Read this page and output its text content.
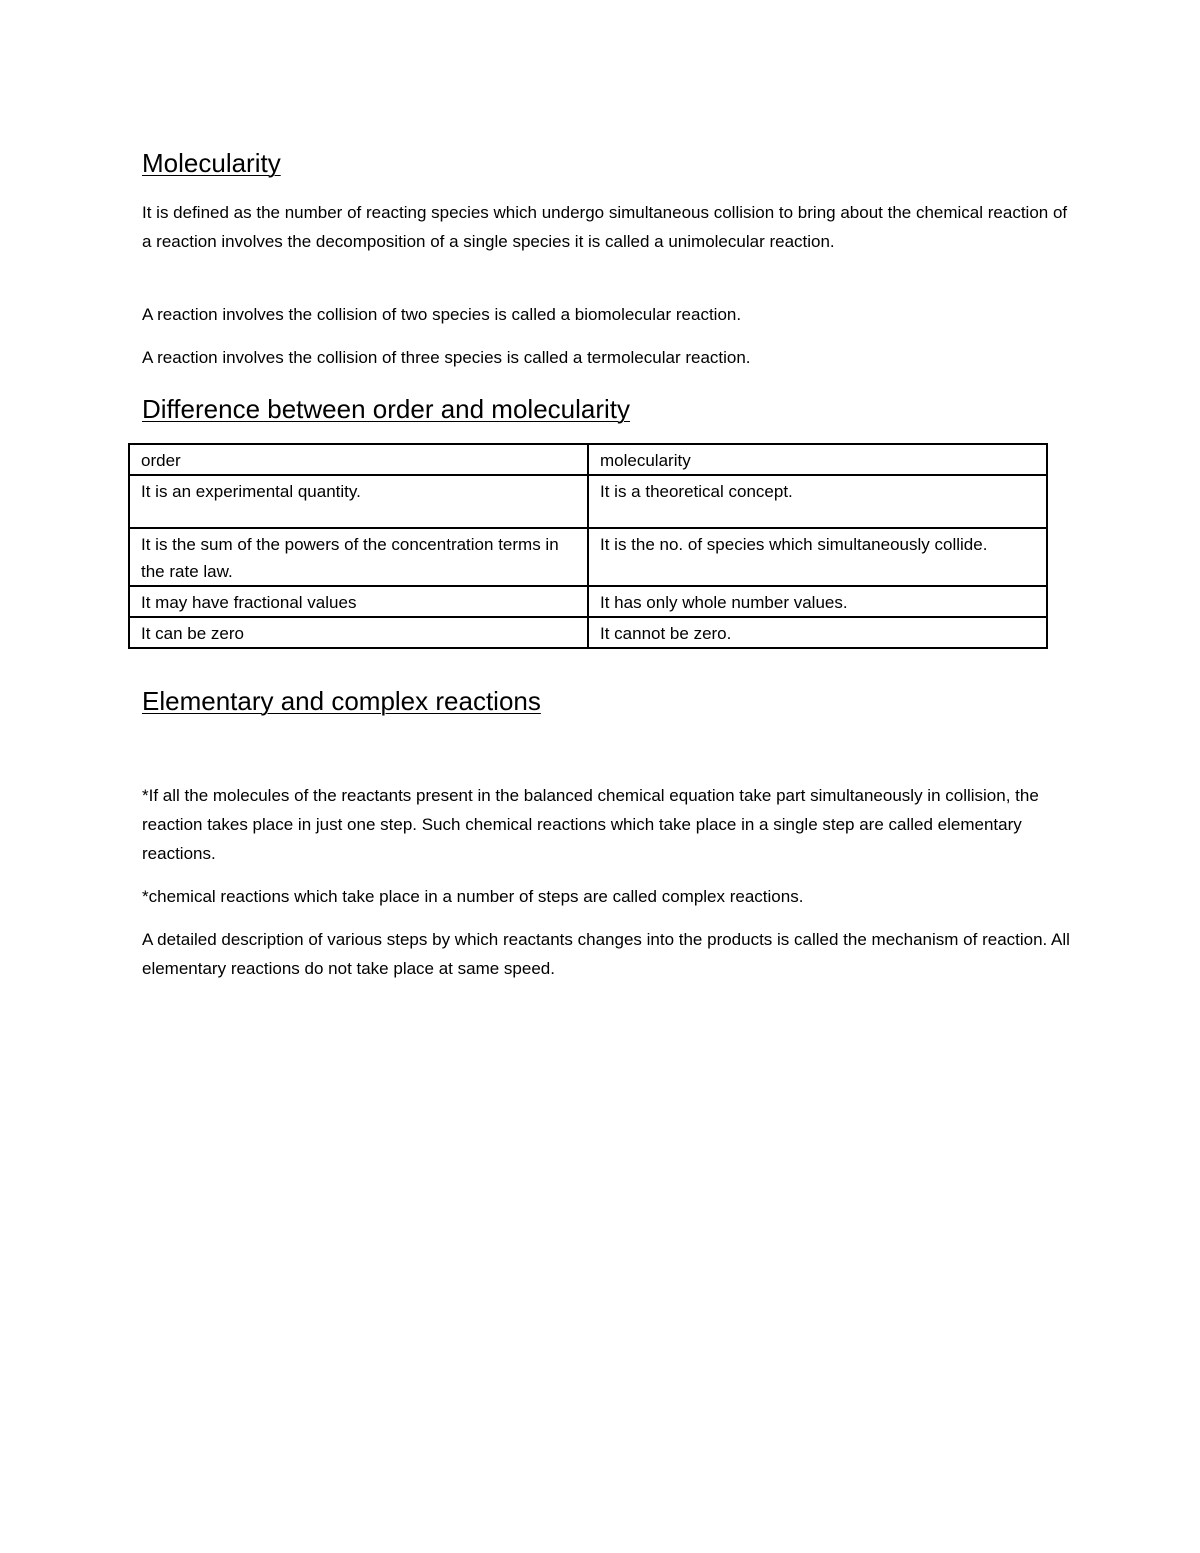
Molecularity

It is defined as the number of reacting species which undergo simultaneous collision to bring about the chemical reaction of a reaction involves the decomposition of a single species it is called a unimolecular reaction.

A reaction involves the collision of two species is called a biomolecular reaction.

A reaction involves the collision of three species is called a termolecular reaction.

Difference between order and molecularity
order	molecularity
It is an experimental quantity.	It is a theoretical concept.
It is the sum of the powers of the concentration terms in the rate law.	It is the no. of species which simultaneously collide.
It may have fractional values	It has only whole number values.
It can be zero	It cannot be zero.
Elementary and complex reactions

*If all the molecules of the reactants present in the balanced chemical equation take part simultaneously in collision, the reaction takes place in just one step. Such chemical reactions which take place in a single step are called elementary reactions.

*chemical reactions which take place in a number of steps are called complex reactions.

A detailed description of various steps by which reactants changes into the products is called the mechanism of reaction. All elementary reactions do not take place at same speed.
